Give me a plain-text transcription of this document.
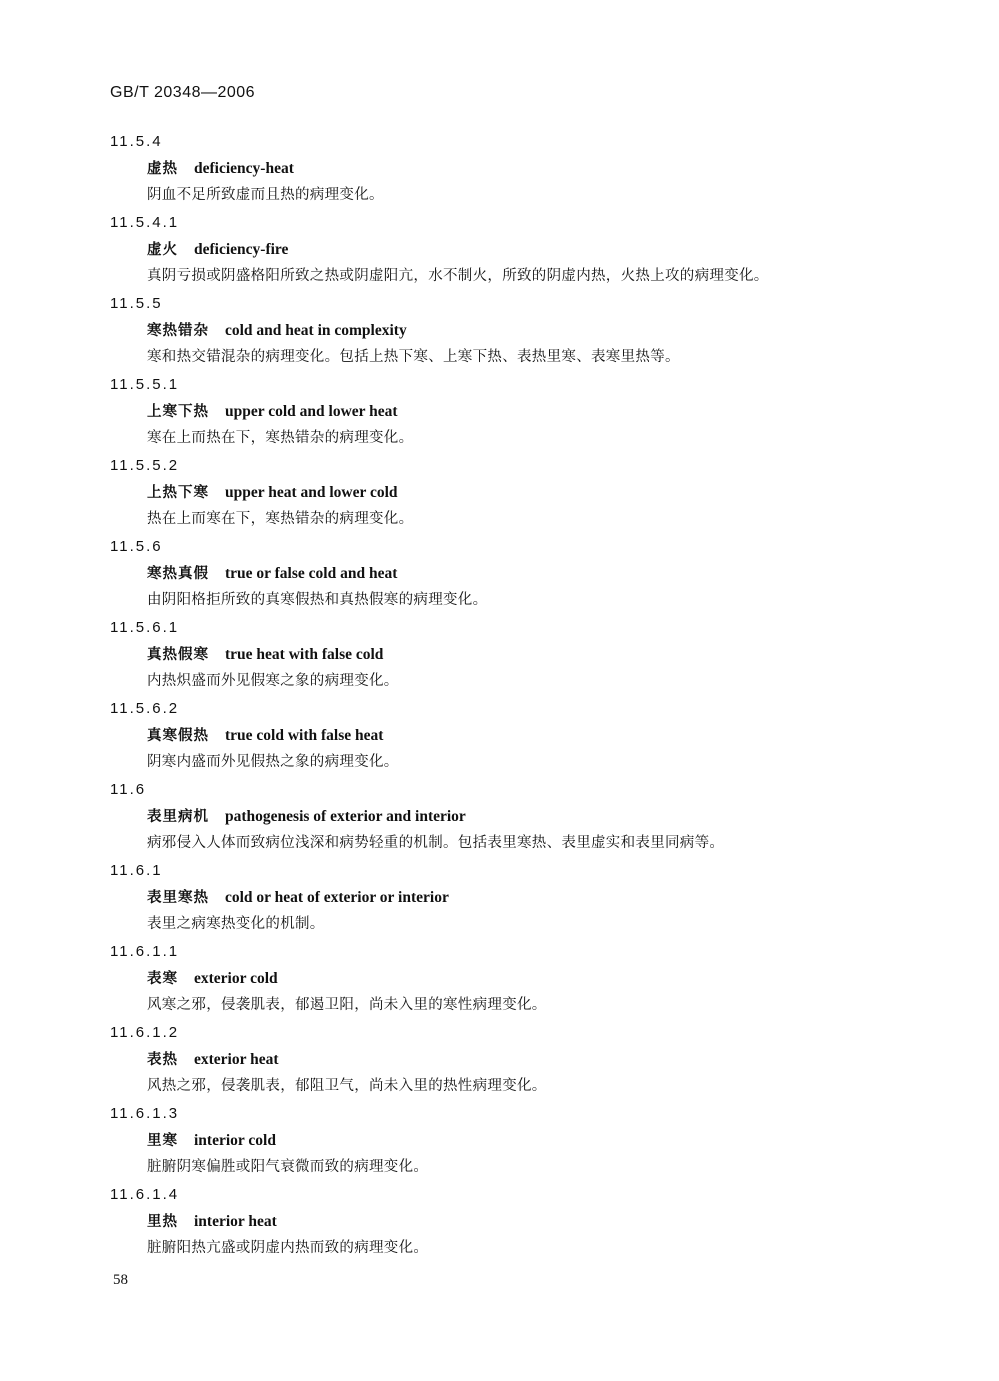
GB/T 20348—2006
11.5.4
虚热 deficiency-heat
阴血不足所致虚而且热的病理变化。
11.5.4.1
虚火 deficiency-fire
真阴亏损或阴盛格阳所致之热或阴虚阳亢，水不制火，所致的阴虚内热，火热上攻的病理变化。
11.5.5
寒热错杂 cold and heat in complexity
寒和热交错混杂的病理变化。包括上热下寒、上寒下热、表热里寒、表寒里热等。
11.5.5.1
上寒下热 upper cold and lower heat
寒在上而热在下，寒热错杂的病理变化。
11.5.5.2
上热下寒 upper heat and lower cold
热在上而寒在下，寒热错杂的病理变化。
11.5.6
寒热真假 true or false cold and heat
由阴阳格拒所致的真寒假热和真热假寒的病理变化。
11.5.6.1
真热假寒 true heat with false cold
内热炽盛而外见假寒之象的病理变化。
11.5.6.2
真寒假热 true cold with false heat
阴寒内盛而外见假热之象的病理变化。
11.6
表里病机 pathogenesis of exterior and interior
病邪侵入人体而致病位浅深和病势轻重的机制。包括表里寒热、表里虚实和表里同病等。
11.6.1
表里寒热 cold or heat of exterior or interior
表里之病寒热变化的机制。
11.6.1.1
表寒 exterior cold
风寒之邪，侵袭肌表，郁遏卫阳，尚未入里的寒性病理变化。
11.6.1.2
表热 exterior heat
风热之邪，侵袭肌表，郁阻卫气，尚未入里的热性病理变化。
11.6.1.3
里寒 interior cold
脏腑阴寒偏胜或阳气衰微而致的病理变化。
11.6.1.4
里热 interior heat
脏腑阳热亢盛或阴虚内热而致的病理变化。
58
